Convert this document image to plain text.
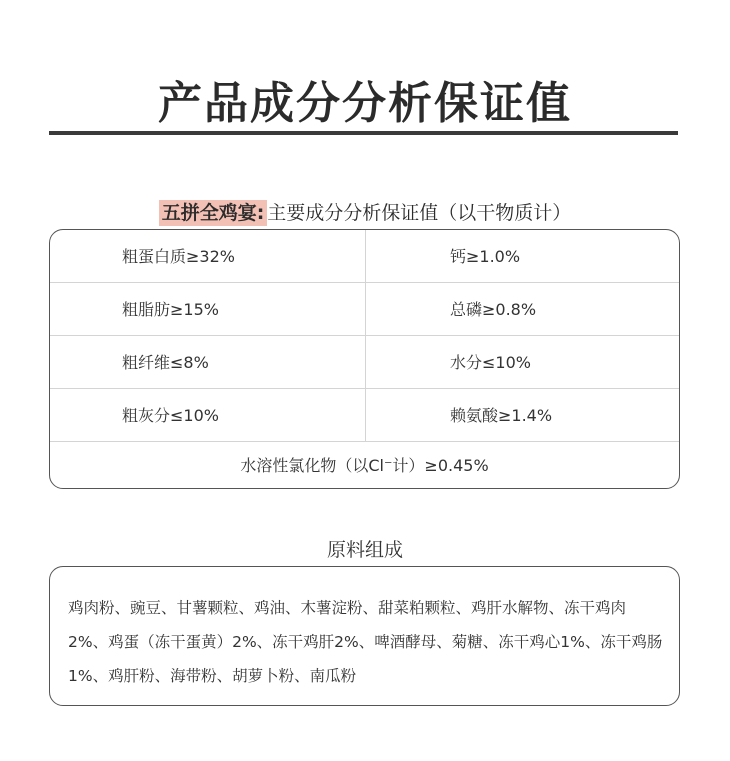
产品成分分析保证值
五拼全鸡宴: 主要成分分析保证值（以干物质计）
粗蛋白质≥32%	钙≥1.0%
粗脂肪≥15%	总磷≥0.8%
粗纤维≤8%	水分≤10%
粗灰分≤10%	赖氨酸≥1.4%
水溶性氯化物（以Cl⁻计）≥0.45%
原料组成

鸡肉粉、豌豆、甘薯颗粒、鸡油、木薯淀粉、甜菜粕颗粒、鸡肝水解物、冻干鸡肉2%、鸡蛋（冻干蛋黄）2%、冻干鸡肝2%、啤酒酵母、菊糖、冻干鸡心1%、冻干鸡肠1%、鸡肝粉、海带粉、胡萝卜粉、南瓜粉
